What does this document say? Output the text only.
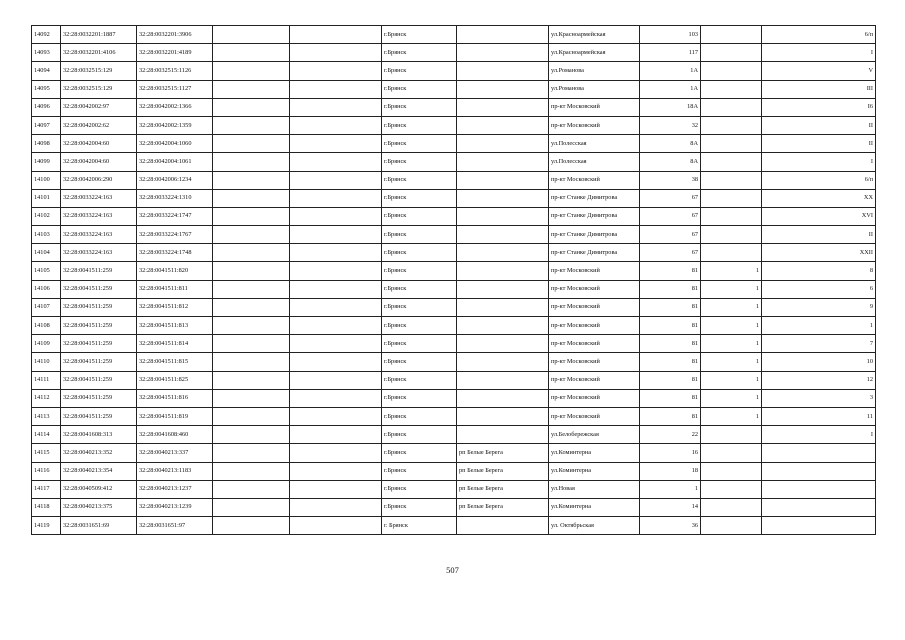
14092	32:28:0032201:1887	32:28:0032201:3906			г.Брянск		ул.Красноармейская	103		6/п
14093	32:28:0032201:4106	32:28:0032201:4189			г.Брянск		ул.Красноармейская	117		I
14094	32:28:0032515:129	32:28:0032515:1126			г.Брянск		ул.Романова	1А		V
14095	32:28:0032515:129	32:28:0032515:1127			г.Брянск		ул.Романова	1А		III
14096	32:28:0042002:97	32:28:0042002:1366			г.Брянск		пр-кт Московский	18А		I6
14097	32:28:0042002:62	32:28:0042002:1359			г.Брянск		пр-кт Московский	32		II
14098	32:28:0042004:60	32:28:0042004:1060			г.Брянск		ул.Полесская	8А		II
14099	32:28:0042004:60	32:28:0042004:1061			г.Брянск		ул.Полесская	8А		I
14100	32:28:0042006:290	32:28:0042006:1234			г.Брянск		пр-кт Московский	38		6/п
14101	32:28:0033224:163	32:28:0033224:1310			г.Брянск		пр-кт Станке Димитрова	67		XX
14102	32:28:0033224:163	32:28:0033224:1747			г.Брянск		пр-кт Станке Димитрова	67		XVI
14103	32:28:0033224:163	32:28:0033224:1767			г.Брянск		пр-кт Станке Димитрова	67		II
14104	32:28:0033224:163	32:28:0033224:1748			г.Брянск		пр-кт Станке Димитрова	67		XXII
14105	32:28:0041511:259	32:28:0041511:820			г.Брянск		пр-кт Московский	81	1	8
14106	32:28:0041511:259	32:28:0041511:811			г.Брянск		пр-кт Московский	81	1	6
14107	32:28:0041511:259	32:28:0041511:812			г.Брянск		пр-кт Московский	81	1	9
14108	32:28:0041511:259	32:28:0041511:813			г.Брянск		пр-кт Московский	81	1	1
14109	32:28:0041511:259	32:28:0041511:814			г.Брянск		пр-кт Московский	81	1	7
14110	32:28:0041511:259	32:28:0041511:815			г.Брянск		пр-кт Московский	81	1	10
14111	32:28:0041511:259	32:28:0041511:825			г.Брянск		пр-кт Московский	81	1	12
14112	32:28:0041511:259	32:28:0041511:816			г.Брянск		пр-кт Московский	81	1	3
14113	32:28:0041511:259	32:28:0041511:819			г.Брянск		пр-кт Московский	81	1	11
14114	32:28:0041608:313	32:28:0041608:460			г.Брянск		ул.Белобережская	22		I
14115	32:28:0040213:352	32:28:0040213:337			г.Брянск	рп Белые Берега	ул.Коминтерна	16		
14116	32:28:0040213:354	32:28:0040213:1183			г.Брянск	рп Белые Берега	ул.Коминтерна	18		
14117	32:28:0040509:412	32:28:0040213:1237			г.Брянск	рп Белые Берега	ул.Новая	1		
14118	32:28:0040213:375	32:28:0040213:1239			г.Брянск	рп Белые Берега	ул.Коминтерна	14		
14119	32:28:0031651:69	32:28:0031651:97			г. Брянск		ул. Октябрьская	36		
507
